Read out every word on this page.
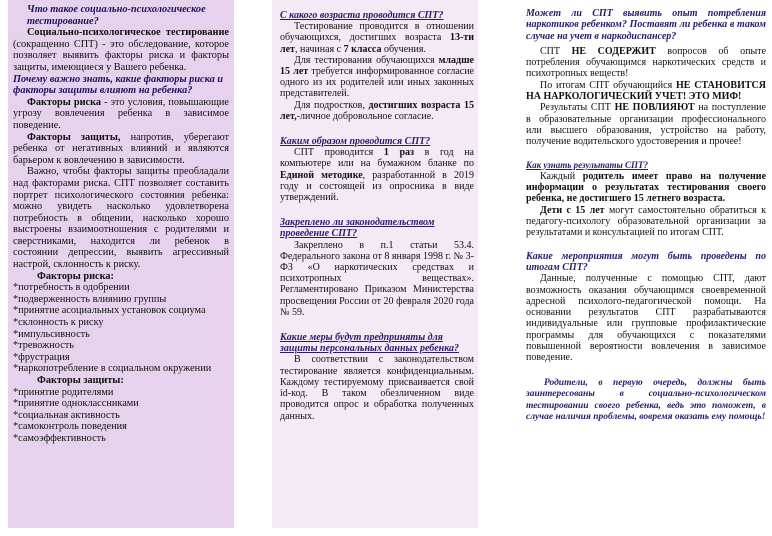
Что такое социально-психологическое тестирование?

Социально-психологическое тестирование (сокращенно СПТ) - это обследование, которое позволяет выявить факторы риска и факторы защиты, имеющиеся у Вашего ребенка.

Почему важно знать, какие факторы риска и факторы защиты влияют на ребенка?

Факторы риска - это условия, повышающие угрозу вовлечения ребенка в зависимое поведение.

Факторы защиты, напротив, уберегают ребенка от негативных влияний и являются барьером к вовлечению в зависимости.

Важно, чтобы факторы защиты преобладали над факторами риска. СПТ позволяет составить портрет психологического состояния ребенка: можно увидеть насколько удовлетворена потребность в общении, насколько хорошо выстроены взаимоотношения с родителями и сверстниками, находится ли ребенок в состоянии депрессии, выявить агрессивный настрой, склонность к риску.

Факторы риска:

*потребность в одобрении

*подверженность влиянию группы

*принятие асоциальных установок социума

*склонность к риску

*импульсивность

*тревожность

*фрустрация

*наркопотребление в социальном окружении

Факторы защиты:

*принятие родителями

*принятие одноклассниками

*социальная активность

*самоконтроль поведения

*самоэффективность

С какого возраста проводится СПТ?

Тестирование проводится в отношении обучающихся, достигших возраста 13-ти лет, начиная с 7 класса обучения.

Для тестирования обучающихся младше 15 лет требуется информированное согласие одного из их родителей или иных законных представителей.

Для подростков, достигших возраста 15 лет,-личное добровольное согласие.

Каким образом проводится СПТ?

СПТ проводится 1 раз в год на компьютере или на бумажном бланке по Единой методике, разработанной в 2019 году и состоящей из опросника в виде утверждений.

Закреплено ли законодательством проведение СПТ?

Закреплено в п.1 статьи 53.4. Федерального закона от 8 января 1998 г. № 3-ФЗ «О наркотических средствах и психотропных веществах». Регламентировано Приказом Министерства просвещения России от 20 февраля 2020 года № 59.

Какие меры будут предприняты для защиты персональных данных ребенка?

В соответствии с законодательством тестирование является конфиденциальным. Каждому тестируемому присваивается свой id-код. В таком обезличенном виде проводится опрос и обработка полученных данных.

Может ли СПТ выявить опыт потребления наркотиков ребенком? Поставят ли ребенка в таком случае на учет в наркодиспансер?

СПТ НЕ СОДЕРЖИТ вопросов об опыте потребления обучающимся наркотических средств и психотропных веществ!

По итогам СПТ обучающийся НЕ СТАНОВИТСЯ НА НАРКОЛОГИЧЕСКИЙ УЧЕТ! ЭТО МИФ!

Результаты СПТ НЕ ПОВЛИЯЮТ на поступление в образовательные организации профессионального или высшего образования, устройство на работу, получение водительского удостоверения и прочее!

Как узнать результаты СПТ?

Каждый родитель имеет право на получение информации о результатах тестирования своего ребенка, не достигшего 15 летнего возраста.

Дети с 15 лет могут самостоятельно обратиться к педагогу-психологу образовательной организации за результатами и консультацией по итогам СПТ.

Какие мероприятия могут быть проведены по итогам СПТ?

Данные, полученные с помощью СПТ, дают возможность оказания обучающимся своевременной адресной психолого-педагогической помощи. На основании результатов СПТ разрабатываются индивидуальные или групповые профилактические программы для обучающихся с показателями повышенной вероятности вовлечения в зависимое поведение.

Родители, в первую очередь, должны быть заинтересованы в социально-психологическом тестировании своего ребенка, ведь это поможет, в случае наличия проблемы, вовремя оказать ему помощь!
